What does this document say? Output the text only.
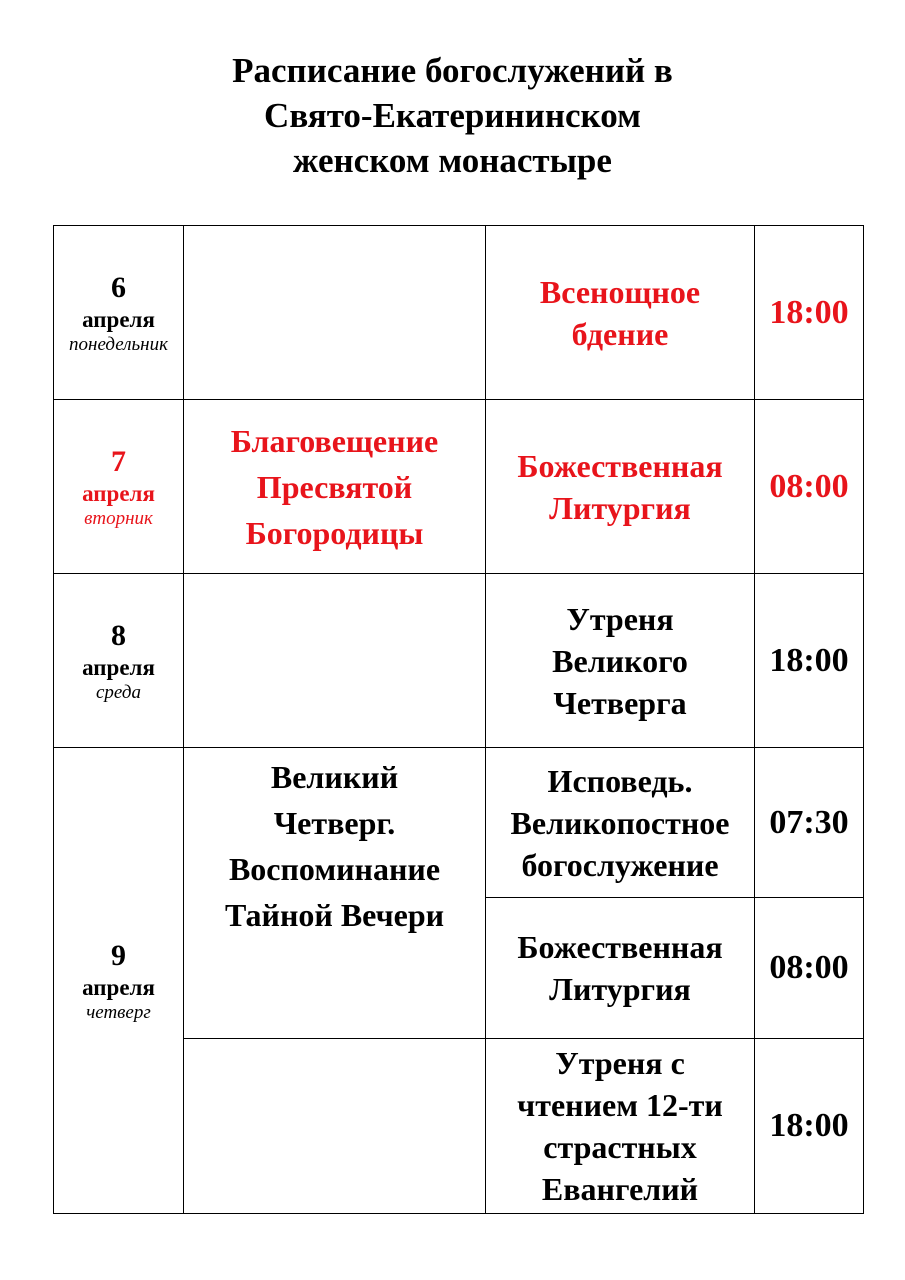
Расписание богослужений в
Свято-Екатерининском
женском монастыре
6
апреля
понедельник		Всенощное
бдение	18:00

7
апреля
вторник	Благовещение
Пресвятой
Богородицы	Божественная
Литургия	08:00

8
апреля
среда		Утреня
Великого
Четверга	18:00

9
апреля
четверг	Великий
Четверг.
Воспоминание
Тайной Вечери	Исповедь.
Великопостное
богослужение	07:30

		Божественная
Литургия	08:00

		Утреня с
чтением 12-ти
страстных
Евангелий	18:00
